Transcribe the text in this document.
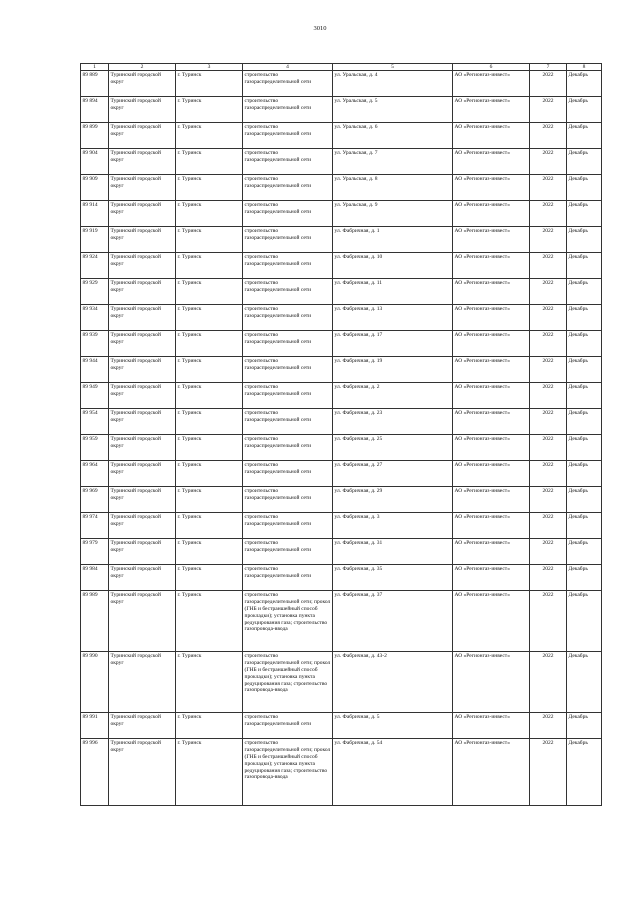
3010
1	2	3	4	5	6	7	8
89 889	Туринский городской округ	г. Туринск	строительство газораспределительной сети	ул. Уральская, д. 4	АО «Регионгаз-инвест»	2022	Декабрь
89 894	Туринский городской округ	г. Туринск	строительство газораспределительной сети	ул. Уральская, д. 5	АО «Регионгаз-инвест»	2022	Декабрь
89 899	Туринский городской округ	г. Туринск	строительство газораспределительной сети	ул. Уральская, д. 6	АО «Регионгаз-инвест»	2022	Декабрь
89 904	Туринский городской округ	г. Туринск	строительство газораспределительной сети	ул. Уральская, д. 7	АО «Регионгаз-инвест»	2022	Декабрь
89 909	Туринский городской округ	г. Туринск	строительство газораспределительной сети	ул. Уральская, д. 8	АО «Регионгаз-инвест»	2022	Декабрь
89 914	Туринский городской округ	г. Туринск	строительство газораспределительной сети	ул. Уральская, д. 9	АО «Регионгаз-инвест»	2022	Декабрь
89 919	Туринский городской округ	г. Туринск	строительство газораспределительной сети	ул. Фабричная, д. 1	АО «Регионгаз-инвест»	2022	Декабрь
89 924	Туринский городской округ	г. Туринск	строительство газораспределительной сети	ул. Фабричная, д. 10	АО «Регионгаз-инвест»	2022	Декабрь
89 929	Туринский городской округ	г. Туринск	строительство газораспределительной сети	ул. Фабричная, д. 11	АО «Регионгаз-инвест»	2022	Декабрь
89 934	Туринский городской округ	г. Туринск	строительство газораспределительной сети	ул. Фабричная, д. 13	АО «Регионгаз-инвест»	2022	Декабрь
89 939	Туринский городской округ	г. Туринск	строительство газораспределительной сети	ул. Фабричная, д. 17	АО «Регионгаз-инвест»	2022	Декабрь
89 944	Туринский городской округ	г. Туринск	строительство газораспределительной сети	ул. Фабричная, д. 19	АО «Регионгаз-инвест»	2022	Декабрь
89 949	Туринский городской округ	г. Туринск	строительство газораспределительной сети	ул. Фабричная, д. 2	АО «Регионгаз-инвест»	2022	Декабрь
89 954	Туринский городской округ	г. Туринск	строительство газораспределительной сети	ул. Фабричная, д. 23	АО «Регионгаз-инвест»	2022	Декабрь
89 959	Туринский городской округ	г. Туринск	строительство газораспределительной сети	ул. Фабричная, д. 25	АО «Регионгаз-инвест»	2022	Декабрь
89 964	Туринский городской округ	г. Туринск	строительство газораспределительной сети	ул. Фабричная, д. 27	АО «Регионгаз-инвест»	2022	Декабрь
89 969	Туринский городской округ	г. Туринск	строительство газораспределительной сети	ул. Фабричная, д. 29	АО «Регионгаз-инвест»	2022	Декабрь
89 974	Туринский городской округ	г. Туринск	строительство газораспределительной сети	ул. Фабричная, д. 3	АО «Регионгаз-инвест»	2022	Декабрь
89 979	Туринский городской округ	г. Туринск	строительство газораспределительной сети	ул. Фабричная, д. 31	АО «Регионгаз-инвест»	2022	Декабрь
89 984	Туринский городской округ	г. Туринск	строительство газораспределительной сети	ул. Фабричная, д. 35	АО «Регионгаз-инвест»	2022	Декабрь
89 989	Туринский городской округ	г. Туринск	строительство газораспределительной сети; прокол (ГНБ и бестраншейный способ прокладки); установка пункта редуцирования газа; строительство газопровода-ввода	ул. Фабричная, д. 37	АО «Регионгаз-инвест»	2022	Декабрь
89 990	Туринский городской округ	г. Туринск	строительство газораспределительной сети; прокол (ГНБ и бестраншейный способ прокладки); установка пункта редуцирования газа; строительство газопровода-ввода	ул. Фабричная, д. 43-2	АО «Регионгаз-инвест»	2022	Декабрь
89 991	Туринский городской округ	г. Туринск	строительство газораспределительной сети	ул. Фабричная, д. 5	АО «Регионгаз-инвест»	2022	Декабрь
89 996	Туринский городской округ	г. Туринск	строительство газораспределительной сети; прокол (ГНБ и бестраншейный способ прокладки); установка пункта редуцирования газа; строительство газопровода-ввода	ул. Фабричная, д. 54	АО «Регионгаз-инвест»	2022	Декабрь
